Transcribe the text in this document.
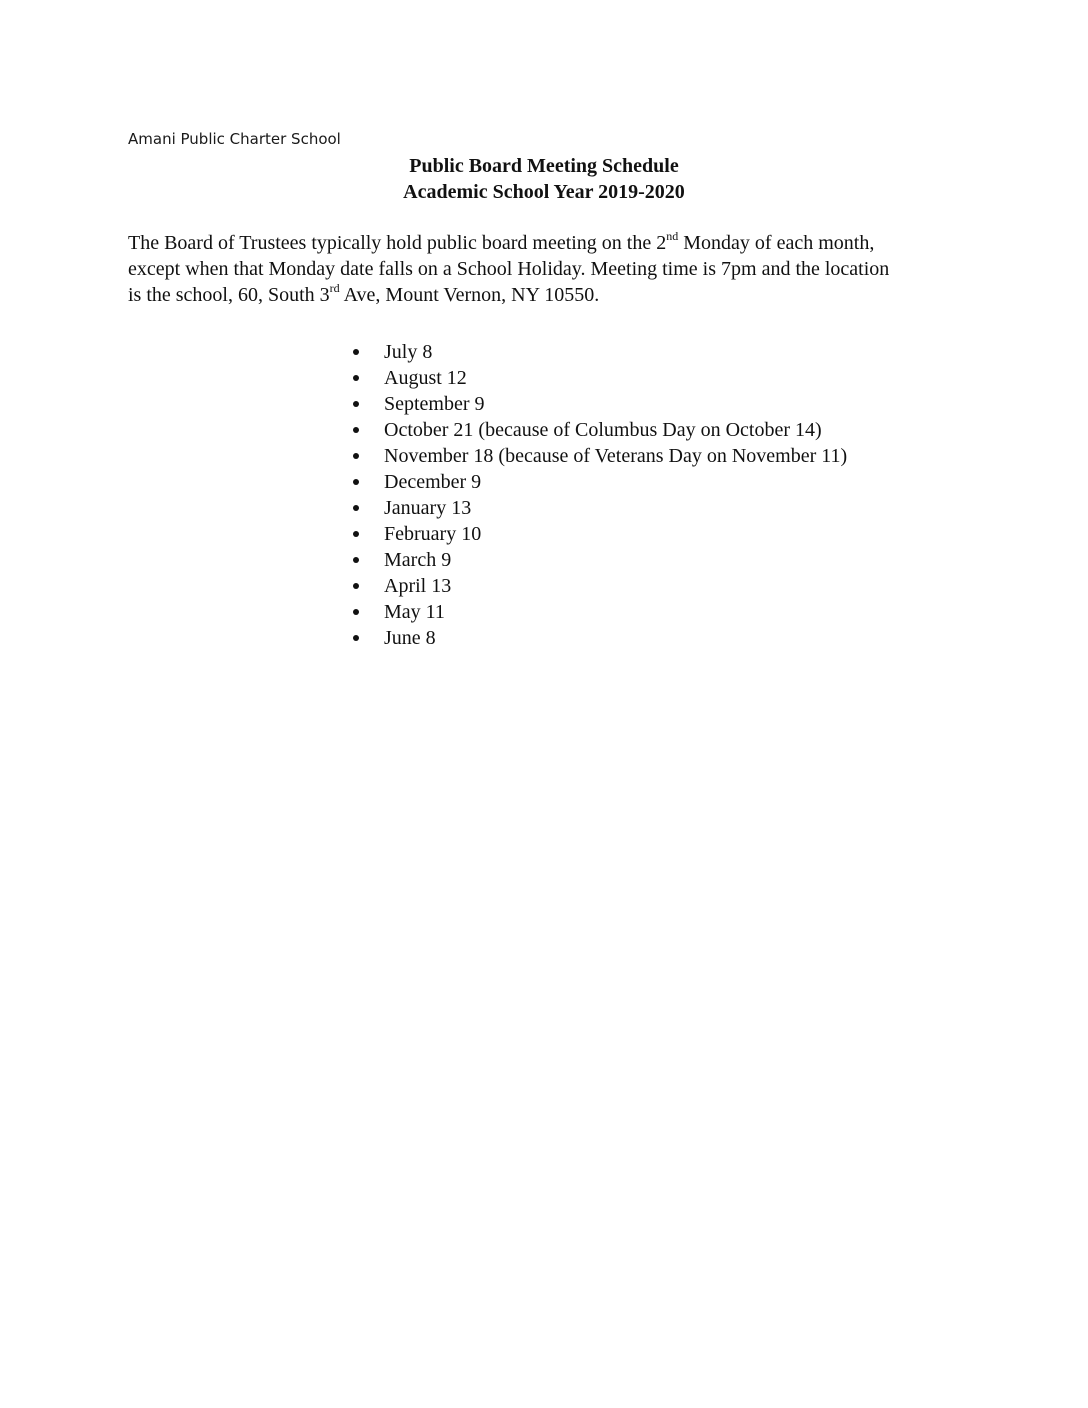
Amani Public Charter School
Public Board Meeting Schedule
Academic School Year 2019-2020
The Board of Trustees typically hold public board meeting on the 2nd Monday of each month,
except when that Monday date falls on a School Holiday. Meeting time is 7pm and the location
is the school, 60, South 3rd Ave, Mount Vernon, NY 10550.
July 8
August 12
September 9
October 21 (because of Columbus Day on October 14)
November 18 (because of Veterans Day on November 11)
December 9
January 13
February 10
March 9
April 13
May 11
June 8
